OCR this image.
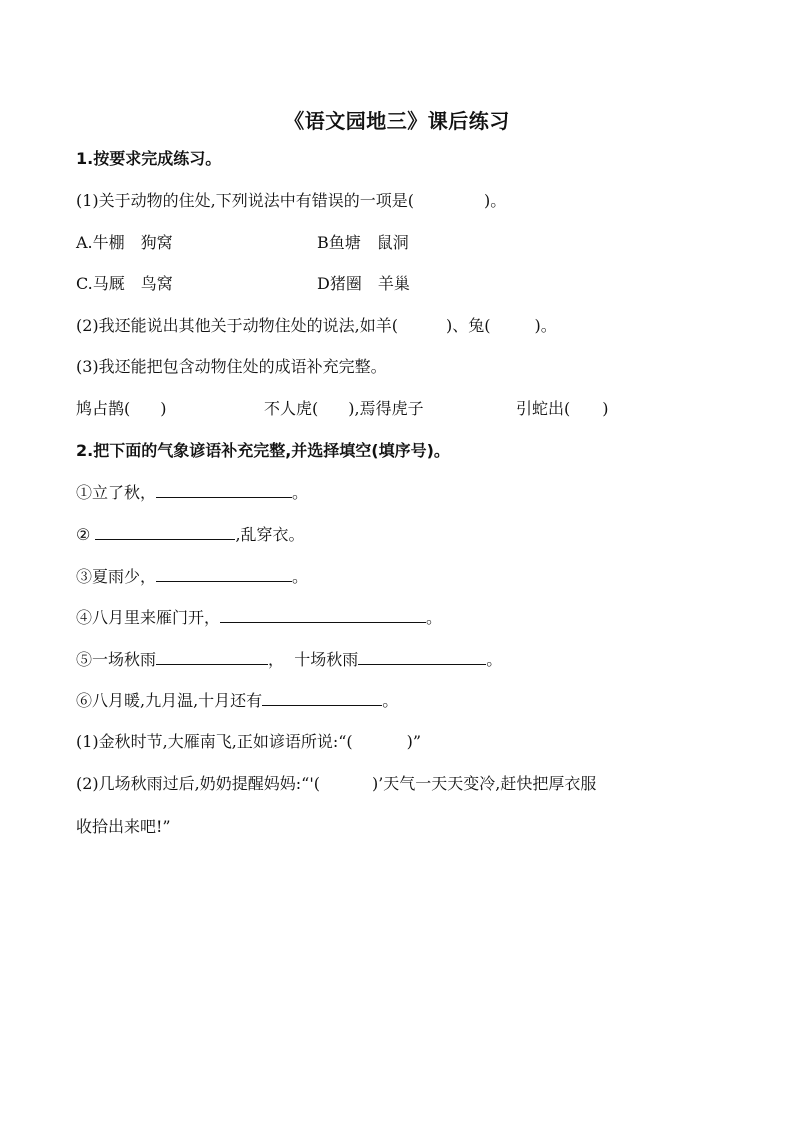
《语文园地三》课后练习
1.按要求完成练习。
(1)关于动物的住处,下列说法中有错误的一项是(	)。
A.牛棚　狗窝	B鱼塘　鼠洞
C.马厩　鸟窝	D猪圈　羊巢
(2)我还能说出其他关于动物住处的说法,如羊(	)、兔(	)。
(3)我还能把包含动物住处的成语补充完整。
鸠占鹊( )	不人虎( ),焉得虎子	引蛇出( )
2.把下面的气象谚语补充完整,并选择填空(填序号)。
①立了秋，	。
②	,乱穿衣。
③夏雨少，	。
④八月里来雁门开，	。
⑤一场秋雨	，  十场秋雨	。
⑥八月暖,九月温,十月还有	。
(1)金秋时节,大雁南飞,正如谚语所说:“(	)”
(2)几场秋雨过后,奶奶提醒妈妈:“'(	)’天气一天天变冷,赶快把厚衣服
收拾出来吧!”
